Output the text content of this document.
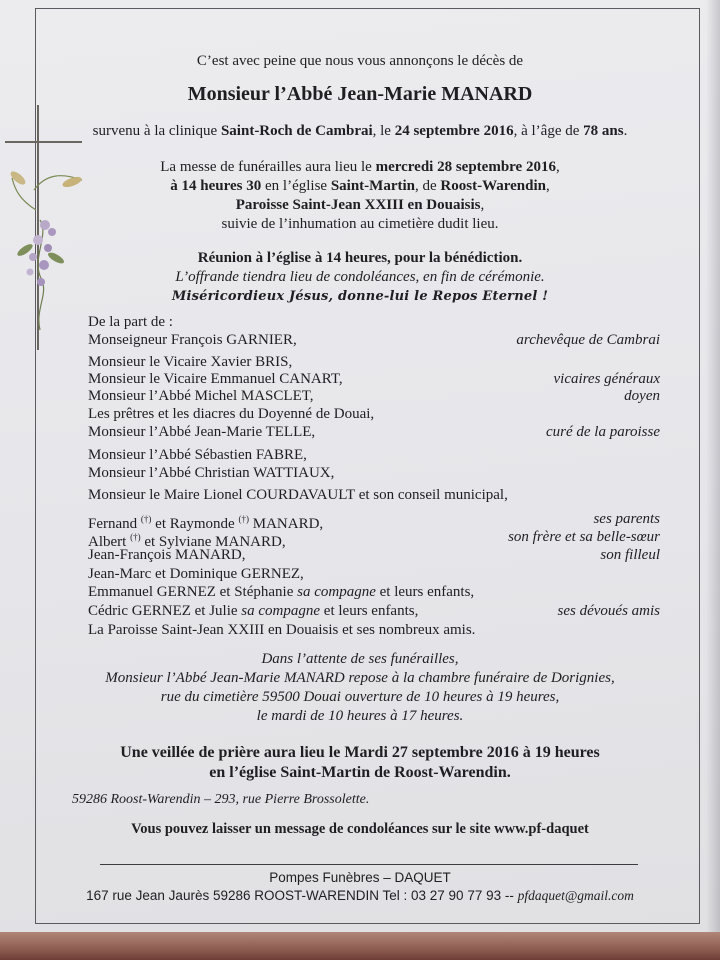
C’est avec peine que nous vous annonçons le décès de
Monsieur l’Abbé Jean-Marie MANARD
survenu à la clinique Saint-Roch de Cambrai, le 24 septembre 2016, à l’âge de 78 ans.
La messe de funérailles aura lieu le mercredi 28 septembre 2016,
à 14 heures 30 en l’église Saint-Martin, de Roost-Warendin,
Paroisse Saint-Jean XXIII en Douaisis,
suivie de l’inhumation au cimetière dudit lieu.
Réunion à l’église à 14 heures, pour la bénédiction.
L’offrande tiendra lieu de condoléances, en fin de cérémonie.
Miséricordieux Jésus, donne-lui le Repos Eternel !
De la part de :
Monseigneur François GARNIER,	archevêque de Cambrai
Monsieur le Vicaire Xavier BRIS,
Monsieur le Vicaire Emmanuel CANART,	vicaires généraux
Monsieur l’Abbé Michel MASCLET,	doyen
Les prêtres et les diacres du Doyenné de Douai,
Monsieur l’Abbé Jean-Marie TELLE,	curé de la paroisse
Monsieur l’Abbé Sébastien FABRE,
Monsieur l’Abbé Christian WATTIAUX,
Monsieur le Maire Lionel COURDAVAULT et son conseil municipal,
Fernand (†) et Raymonde (†) MANARD,	ses parents
Albert (†) et Sylviane MANARD,	son frère et sa belle-sœur
Jean-François MANARD,	son filleul
Jean-Marc et Dominique GERNEZ,
Emmanuel GERNEZ et Stéphanie sa compagne et leurs enfants,
Cédric GERNEZ et Julie sa compagne et leurs enfants,	ses dévoués amis
La Paroisse Saint-Jean XXIII en Douaisis et ses nombreux amis.
Dans l’attente de ses funérailles,
Monsieur l’Abbé Jean-Marie MANARD repose à la chambre funéraire de Dorignies,
rue du cimetière 59500 Douai ouverture de 10 heures à 19 heures,
le mardi de 10 heures à 17 heures.
Une veillée de prière aura lieu le Mardi 27 septembre 2016 à 19 heures
en l’église Saint-Martin de Roost-Warendin.
59286 Roost-Warendin – 293, rue Pierre Brossolette.
Vous pouvez laisser un message de condoléances sur le site www.pf-daquet
Pompes Funèbres – DAQUET
167 rue Jean Jaurès 59286 ROOST-WARENDIN Tel : 03 27 90 77 93 -- pfdaquet@gmail.com
